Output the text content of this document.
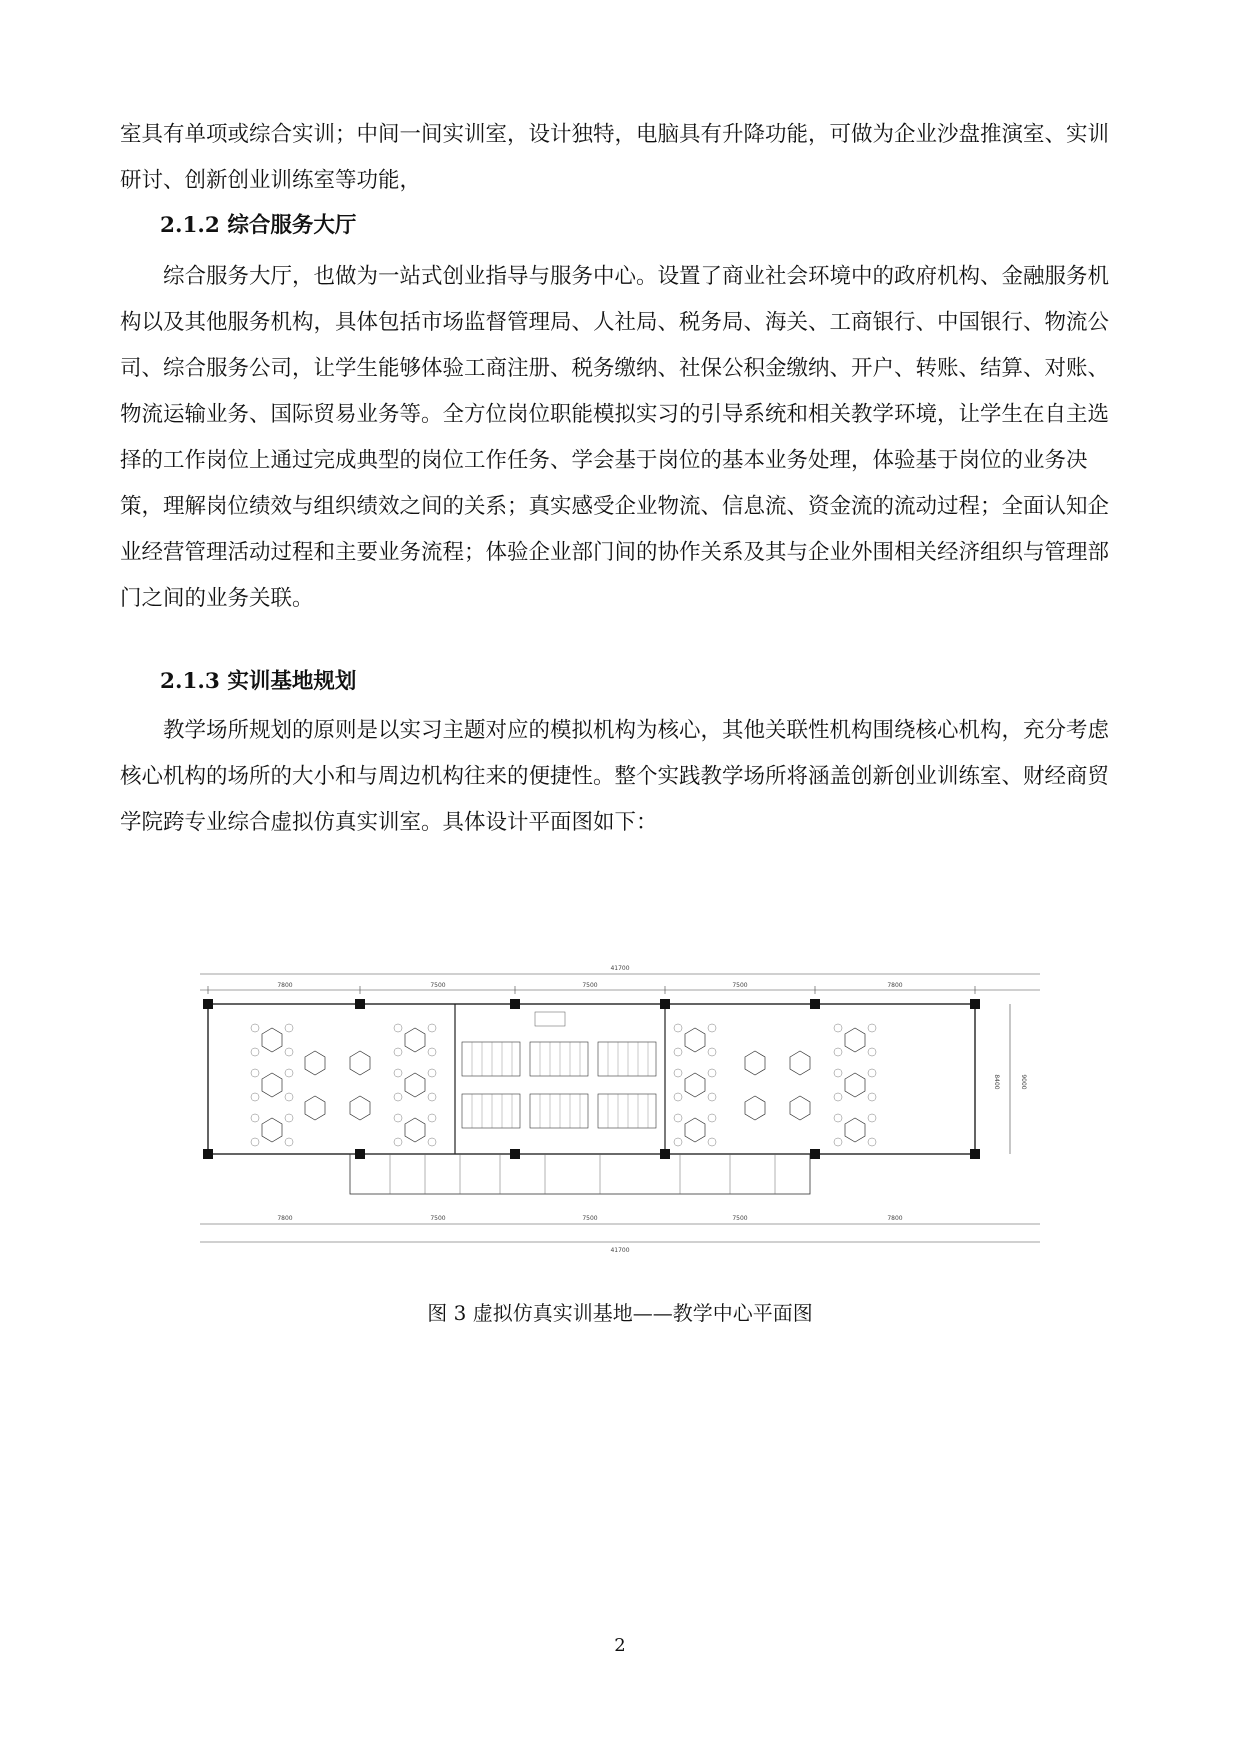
室具有单项或综合实训；中间一间实训室，设计独特，电脑具有升降功能，可做为企业沙盘推演室、实训研讨、创新创业训练室等功能，
2.1.2 综合服务大厅
综合服务大厅，也做为一站式创业指导与服务中心。设置了商业社会环境中的政府机构、金融服务机构以及其他服务机构，具体包括市场监督管理局、人社局、税务局、海关、工商银行、中国银行、物流公司、综合服务公司，让学生能够体验工商注册、税务缴纳、社保公积金缴纳、开户、转账、结算、对账、物流运输业务、国际贸易业务等。全方位岗位职能模拟实习的引导系统和相关教学环境，让学生在自主选择的工作岗位上通过完成典型的岗位工作任务、学会基于岗位的基本业务处理，体验基于岗位的业务决策，理解岗位绩效与组织绩效之间的关系；真实感受企业物流、信息流、资金流的流动过程；全面认知企业经营管理活动过程和主要业务流程；体验企业部门间的协作关系及其与企业外围相关经济组织与管理部门之间的业务关联。
2.1.3 实训基地规划
教学场所规划的原则是以实习主题对应的模拟机构为核心，其他关联性机构围绕核心机构，充分考虑核心机构的场所的大小和与周边机构往来的便捷性。整个实践教学场所将涵盖创新创业训练室、财经商贸学院跨专业综合虚拟仿真实训室。具体设计平面图如下：
41700
7800	7500	7500	7500	7800
9000
8400
7800	7500	7500	7500	7800
41700
图 3 虚拟仿真实训基地——教学中心平面图
2
